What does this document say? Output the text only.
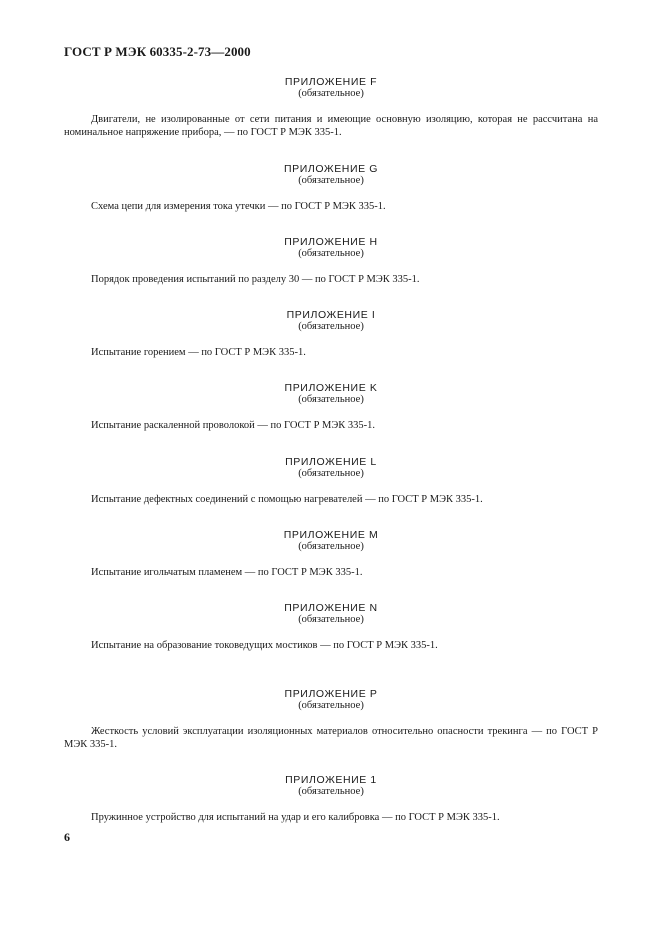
ГОСТ Р МЭК 60335-2-73—2000
ПРИЛОЖЕНИЕ F
(обязательное)
Двигатели, не изолированные от сети питания и имеющие основную изоляцию, которая не рассчитана на номинальное напряжение прибора, — по ГОСТ Р МЭК 335-1.
ПРИЛОЖЕНИЕ G
(обязательное)
Схема цепи для измерения тока утечки — по ГОСТ Р МЭК 335-1.
ПРИЛОЖЕНИЕ H
(обязательное)
Порядок проведения испытаний по разделу 30 — по ГОСТ Р МЭК 335-1.
ПРИЛОЖЕНИЕ I
(обязательное)
Испытание горением — по ГОСТ Р МЭК 335-1.
ПРИЛОЖЕНИЕ K
(обязательное)
Испытание раскаленной проволокой — по ГОСТ Р МЭК 335-1.
ПРИЛОЖЕНИЕ L
(обязательное)
Испытание дефектных соединений с помощью нагревателей — по ГОСТ Р МЭК 335-1.
ПРИЛОЖЕНИЕ M
(обязательное)
Испытание игольчатым пламенем — по ГОСТ Р МЭК 335-1.
ПРИЛОЖЕНИЕ N
(обязательное)
Испытание на образование токоведущих мостиков — по ГОСТ Р МЭК 335-1.
ПРИЛОЖЕНИЕ P
(обязательное)
Жесткость условий эксплуатации изоляционных материалов относительно опасности трекинга — по ГОСТ Р МЭК 335-1.
ПРИЛОЖЕНИЕ 1
(обязательное)
Пружинное устройство для испытаний на удар и его калибровка — по ГОСТ Р МЭК 335-1.
6
